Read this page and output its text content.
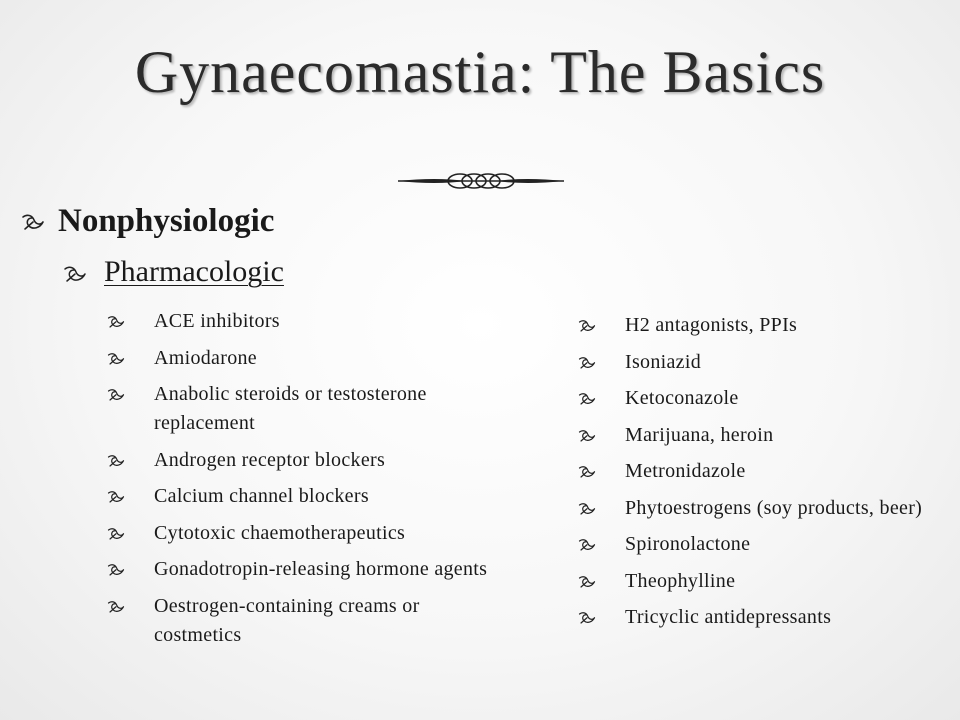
Gynaecomastia: The Basics
Nonphysiologic
Pharmacologic
ACE inhibitors
Amiodarone
Anabolic steroids or testosterone replacement
Androgen receptor blockers
Calcium channel blockers
Cytotoxic chaemotherapeutics
Gonadotropin-releasing hormone agents
Oestrogen-containing creams or costmetics
H2 antagonists, PPIs
Isoniazid
Ketoconazole
Marijuana, heroin
Metronidazole
Phytoestrogens (soy products, beer)
Spironolactone
Theophylline
Tricyclic antidepressants
